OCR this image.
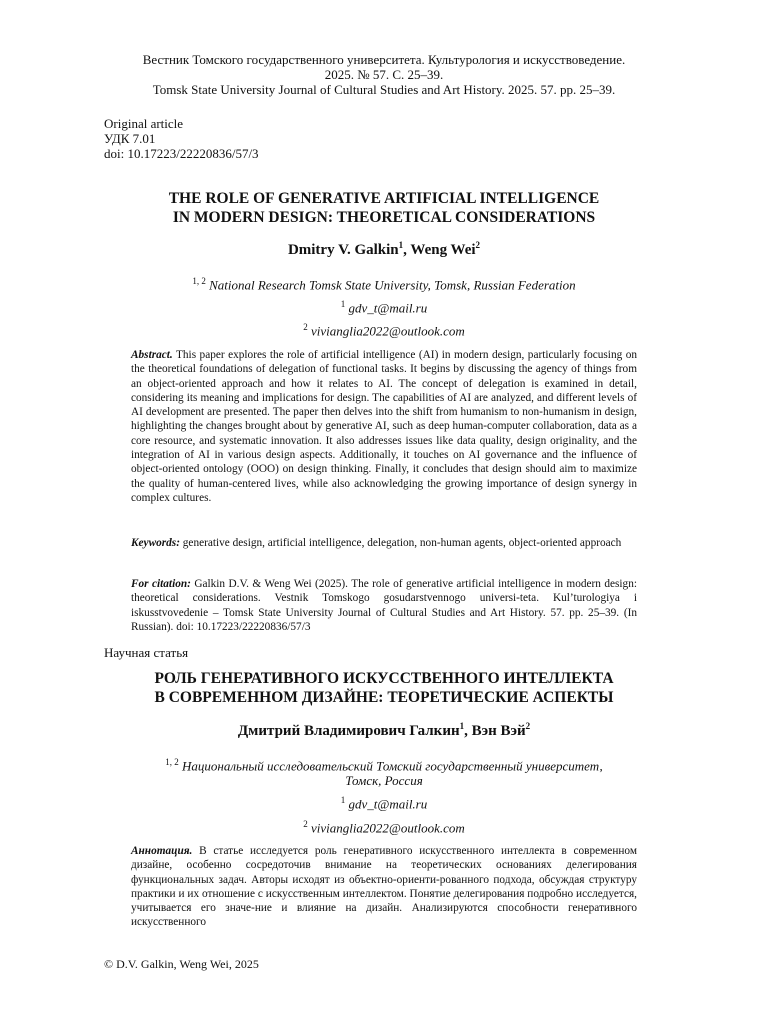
Вестник Томского государственного университета. Культурология и искусствоведение.
2025. № 57. С. 25–39.
Tomsk State University Journal of Cultural Studies and Art History. 2025. 57. pp. 25–39.
Original article
УДК 7.01
doi: 10.17223/22220836/57/3
THE ROLE OF GENERATIVE ARTIFICIAL INTELLIGENCE
IN MODERN DESIGN: THEORETICAL CONSIDERATIONS
Dmitry V. Galkin$^1$, Weng Wei$^2$
$^{1, 2}$ National Research Tomsk State University, Tomsk, Russian Federation
$^1$ gdv_t@mail.ru
$^2$ vivianglia2022@outlook.com
Abstract. This paper explores the role of artificial intelligence (AI) in modern design, particularly focusing on the theoretical foundations of delegation of functional tasks. It begins by discussing the agency of things from an object-oriented approach and how it relates to AI. The concept of delegation is examined in detail, considering its meaning and implications for design. The capabilities of AI are analyzed, and different levels of AI development are presented. The paper then delves into the shift from humanism to non-humanism in design, highlighting the changes brought about by generative AI, such as deep human-computer collaboration, data as a core resource, and systematic innovation. It also addresses issues like data quality, design originality, and the integration of AI in various design aspects. Additionally, it touches on AI governance and the influence of object-oriented ontology (OOO) on design thinking. Finally, it concludes that design should aim to maximize the quality of human-centered lives, while also acknowledging the growing importance of design synergy in complex cultures.
Keywords: generative design, artificial intelligence, delegation, non-human agents, object-oriented approach
For citation: Galkin D.V. & Weng Wei (2025). The role of generative artificial intelligence in modern design: theoretical considerations. Vestnik Tomskogo gosudarstvennogo universi-teta. Kul’turologiya i iskusstvovedenie – Tomsk State University Journal of Cultural Studies and Art History. 57. pp. 25–39. (In Russian). doi: 10.17223/22220836/57/3
Научная статья
РОЛЬ ГЕНЕРАТИВНОГО ИСКУССТВЕННОГО ИНТЕЛЛЕКТА
В СОВРЕМЕННОМ ДИЗАЙНЕ: ТЕОРЕТИЧЕСКИЕ АСПЕКТЫ
Дмитрий Владимирович Галкин$^1$, Вэн Вэй$^2$
$^{1, 2}$ Национальный исследовательский Томский государственный университет,
Томск, Россия
$^1$ gdv_t@mail.ru
$^2$ vivianglia2022@outlook.com
Аннотация. В статье исследуется роль генеративного искусственного интеллекта в современном дизайне, особенно сосредоточив внимание на теоретических основаниях делегирования функциональных задач. Авторы исходят из объектно-ориенти-рованного подхода, обсуждая структуру практики и их отношение с искусственным интеллектом. Понятие делегирования подробно исследуется, учитывается его значе-ние и влияние на дизайн. Анализируются способности генеративного искусственного
© D.V. Galkin, Weng Wei, 2025
